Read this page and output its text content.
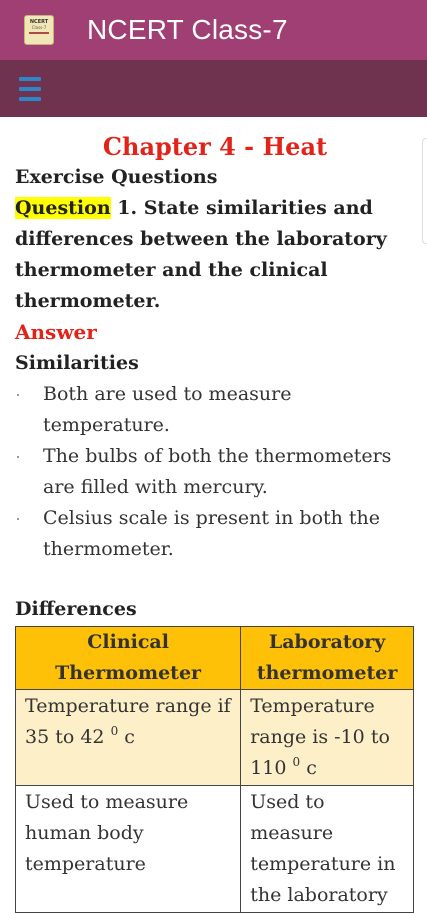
NCERT
Class-7 NCERT Class-7
Chapter 4 - Heat
Exercise Questions
Question 1. State similarities and differences between the laboratory thermometer and the clinical thermometer.
Answer
Similarities
Both are used to measure temperature.
The bulbs of both the thermometers are filled with mercury.
Celsius scale is present in both the thermometer.
Differences
Clinical Thermometer	Laboratory thermometer
Temperature range if 35 to 42 $^0$ c	Temperature range is -10 to 110 $^0$ c
Used to measure human body temperature	Used to measure temperature in the laboratory
